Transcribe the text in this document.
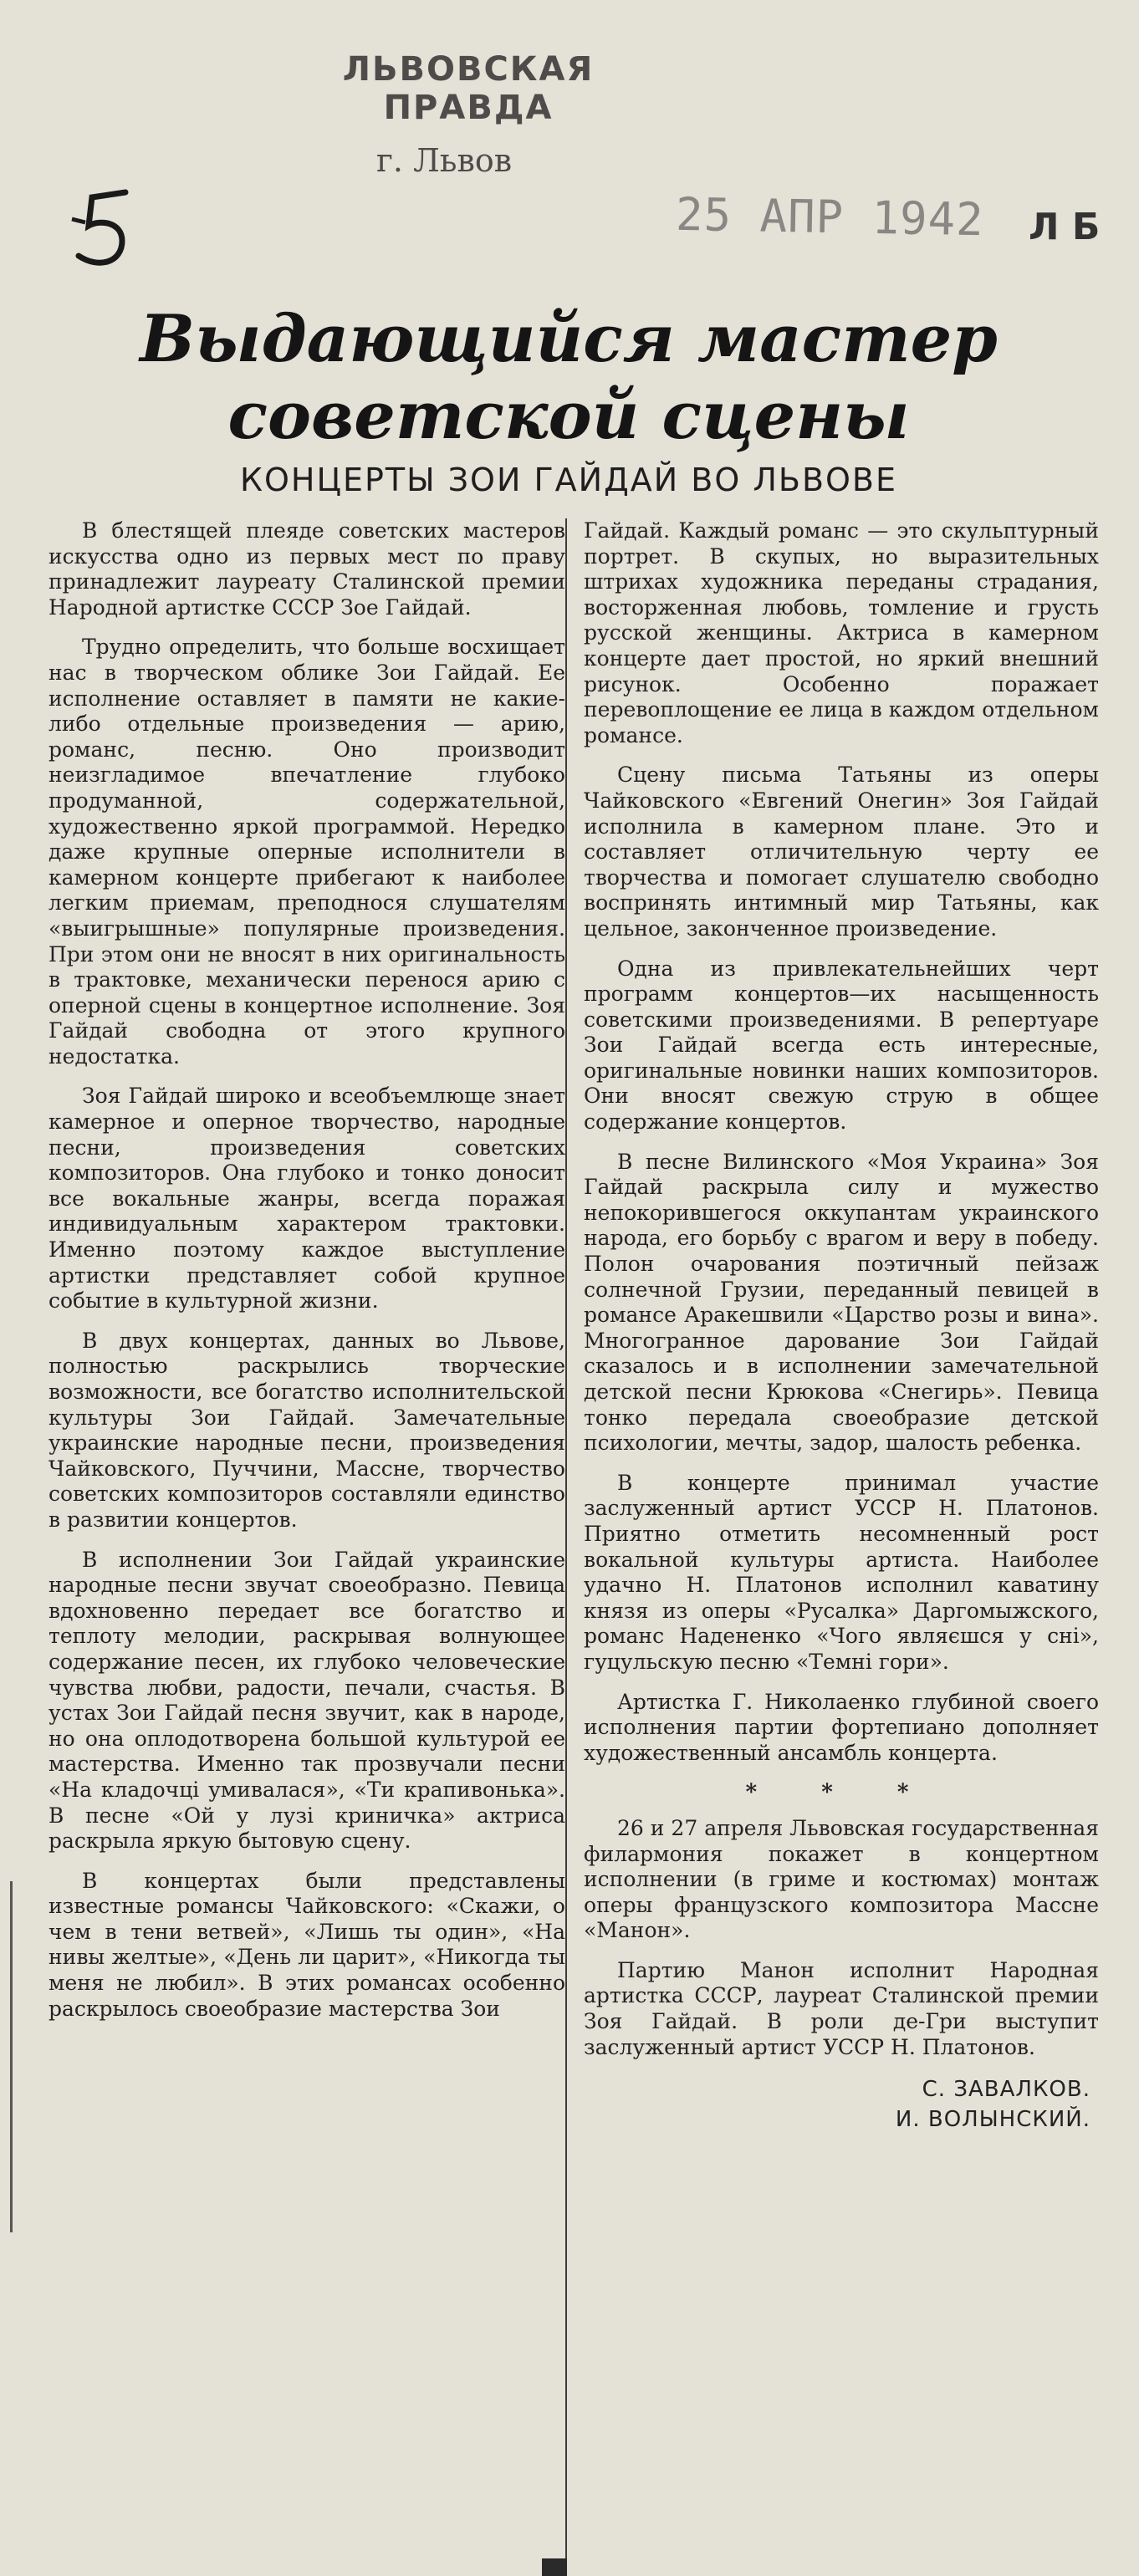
ЛЬВОВСКАЯ ПРАВДА
г. Львов
25 АПР 1942 Л Б
Выдающийся мастер
советской сцены
КОНЦЕРТЫ ЗОИ ГАЙДАЙ ВО ЛЬВОВЕ

В блестящей плеяде советских мастеров искусства одно из первых мест по праву принадлежит лауреату Сталинской премии Народной артистке СССР Зое Гайдай.

Трудно определить, что больше восхищает нас в творческом облике Зои Гайдай. Ее исполнение оставляет в памяти не какие-либо отдельные произведения — арию, романс, песню. Оно производит неизгладимое впечатление глубоко продуманной, содержательной, художественно яркой программой. Нередко даже крупные оперные исполнители в камерном концерте прибегают к наиболее легким приемам, преподнося слушателям «выигрышные» популярные произведения. При этом они не вносят в них оригинальность в трактовке, механически перенося арию с оперной сцены в концертное исполнение. Зоя Гайдай свободна от этого крупного недостатка.

Зоя Гайдай широко и всеобъемлюще знает камерное и оперное творчество, народные песни, произведения советских композиторов. Она глубоко и тонко доносит все вокальные жанры, всегда поражая индивидуальным характером трактовки. Именно поэтому каждое выступление артистки представляет собой крупное событие в культурной жизни.

В двух концертах, данных во Львове, полностью раскрылись творческие возможности, все богатство исполнительской культуры Зои Гайдай. Замечательные украинские народные песни, произведения Чайковского, Пуччини, Массне, творчество советских композиторов составляли единство в развитии концертов.

В исполнении Зои Гайдай украинские народные песни звучат своеобразно. Певица вдохновенно передает все богатство и теплоту мелодии, раскрывая волнующее содержание песен, их глубоко человеческие чувства любви, радости, печали, счастья. В устах Зои Гайдай песня звучит, как в народе, но она оплодотворена большой культурой ее мастерства. Именно так прозвучали песни «На кладочці умивалася», «Ти крапивонька». В песне «Ой у лузі криничка» актриса раскрыла яркую бытовую сцену.

В концертах были представлены известные романсы Чайковского: «Скажи, о чем в тени ветвей», «Лишь ты один», «На нивы желтые», «День ли царит», «Никогда ты меня не любил». В этих романсах особенно раскрылось своеобразие мастерства Зои

Гайдай. Каждый романс — это скульптурный портрет. В скупых, но выразительных штрихах художника переданы страдания, восторженная любовь, томление и грусть русской женщины. Актриса в камерном концерте дает простой, но яркий внешний рисунок. Особенно поражает перевоплощение ее лица в каждом отдельном романсе.

Сцену письма Татьяны из оперы Чайковского «Евгений Онегин» Зоя Гайдай исполнила в камерном плане. Это и составляет отличительную черту ее творчества и помогает слушателю свободно воспринять интимный мир Татьяны, как цельное, законченное произведение.

Одна из привлекательнейших черт программ концертов—их насыщенность советскими произведениями. В репертуаре Зои Гайдай всегда есть интересные, оригинальные новинки наших композиторов. Они вносят свежую струю в общее содержание концертов.

В песне Вилинского «Моя Украина» Зоя Гайдай раскрыла силу и мужество непокорившегося оккупантам украинского народа, его борьбу с врагом и веру в победу. Полон очарования поэтичный пейзаж солнечной Грузии, переданный певицей в романсе Аракешвили «Царство розы и вина». Многогранное дарование Зои Гайдай сказалось и в исполнении замечательной детской песни Крюкова «Снегирь». Певица тонко передала своеобразие детской психологии, мечты, задор, шалость ребенка.

В концерте принимал участие заслуженный артист УССР Н. Платонов. Приятно отметить несомненный рост вокальной культуры артиста. Наиболее удачно Н. Платонов исполнил каватину князя из оперы «Русалка» Даргомыжского, романс Надененко «Чого являєшся у сні», гуцульскую песню «Темні гори».

Артистка Г. Николаенко глубиной своего исполнения партии фортепиано дополняет художественный ансамбль концерта.

* * *

26 и 27 апреля Львовская государственная филармония покажет в концертном исполнении (в гриме и костюмах) монтаж оперы французского композитора Массне «Манон».

Партию Манон исполнит Народная артистка СССР, лауреат Сталинской премии Зоя Гайдай. В роли де-Гри выступит заслуженный артист УССР Н. Платонов.

С. ЗАВАЛКОВ.
И. ВОЛЫНСКИЙ.
